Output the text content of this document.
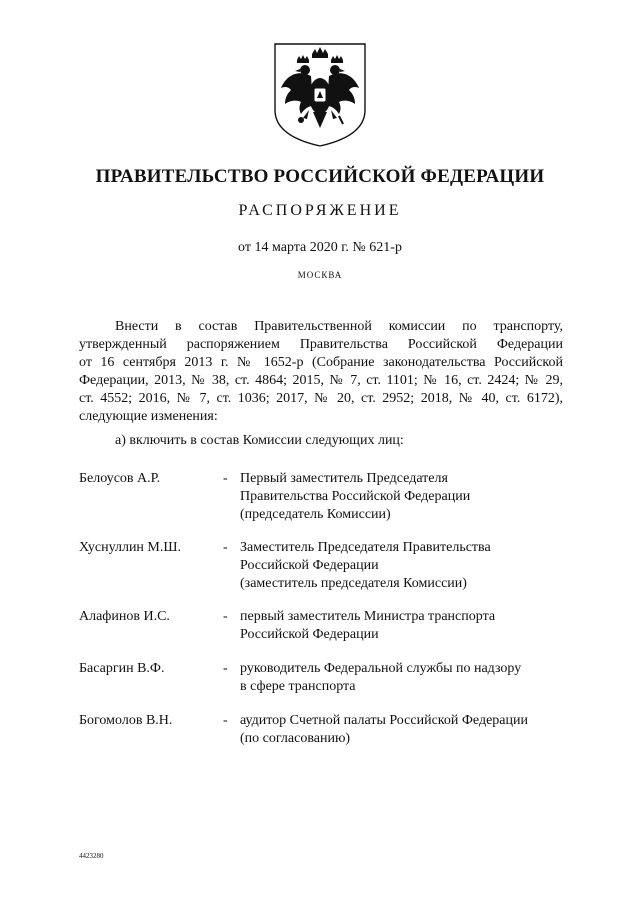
ПРАВИТЕЛЬСТВО РОССИЙСКОЙ ФЕДЕРАЦИИ
РАСПОРЯЖЕНИЕ
от 14 марта 2020 г. № 621-р
МОСКВА
Внести в состав Правительственной комиссии по транспорту,
утвержденный распоряжением Правительства Российской Федерации
от 16 сентября 2013 г. № 1652-р (Собрание законодательства Российской
Федерации, 2013, № 38, ст. 4864; 2015, № 7, ст. 1101; № 16, ст. 2424; № 29,
ст. 4552; 2016, № 7, ст. 1036; 2017, № 20, ст. 2952; 2018, № 40, ст. 6172),
следующие изменения:
а) включить в состав Комиссии следующих лиц:
Белоусов А.Р.	- Первый заместитель Председателя
Правительства Российской Федерации
(председатель Комиссии)
Хуснуллин М.Ш.	- Заместитель Председателя Правительства
Российской Федерации
(заместитель председателя Комиссии)
Алафинов И.С.	- первый заместитель Министра транспорта
Российской Федерации
Басаргин В.Ф.	- руководитель Федеральной службы по надзору
в сфере транспорта
Богомолов В.Н.	- аудитор Счетной палаты Российской Федерации
(по согласованию)
4423280
